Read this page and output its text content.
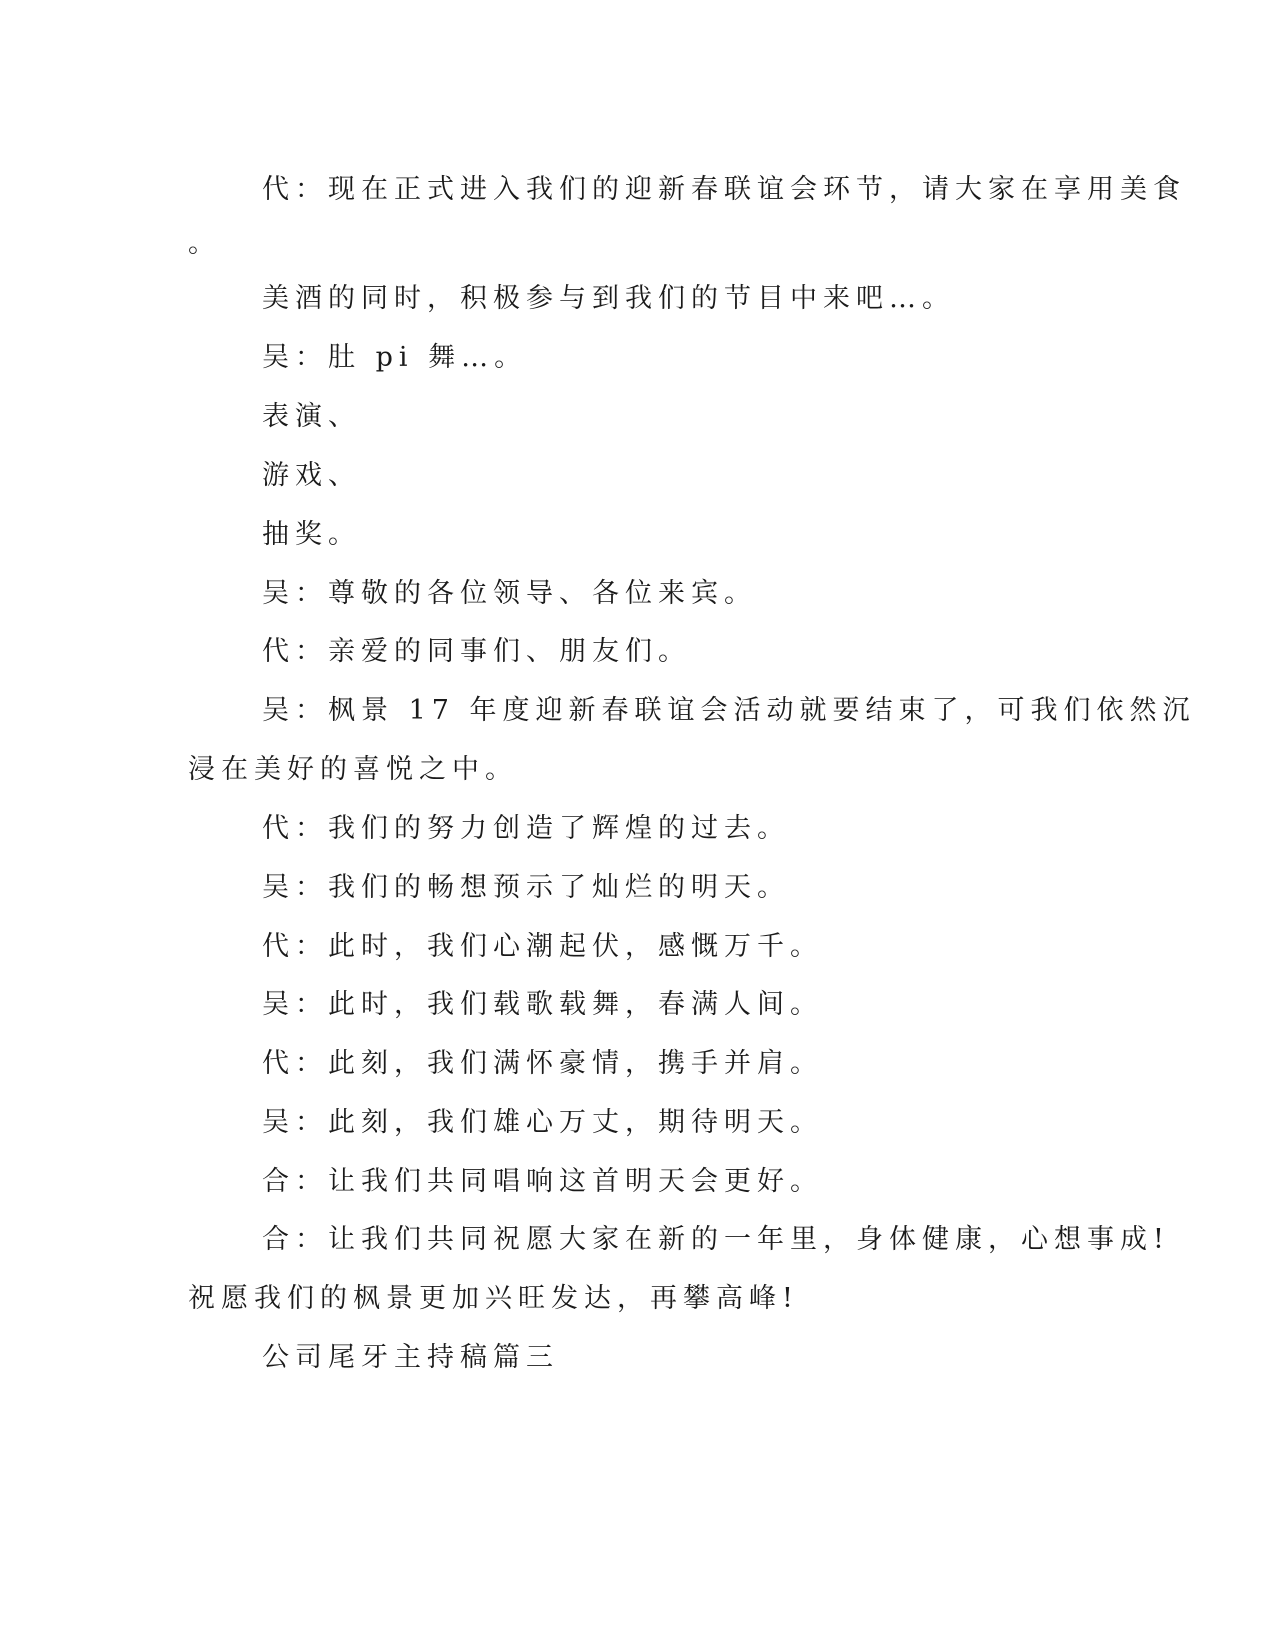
代：现在正式进入我们的迎新春联谊会环节，请大家在享用美食
。
美酒的同时，积极参与到我们的节目中来吧…。
吴：肚 pi 舞…。
表演、
游戏、
抽奖。
吴：尊敬的各位领导、各位来宾。
代：亲爱的同事们、朋友们。
吴：枫景 17 年度迎新春联谊会活动就要结束了，可我们依然沉
浸在美好的喜悦之中。
代：我们的努力创造了辉煌的过去。
吴：我们的畅想预示了灿烂的明天。
代：此时，我们心潮起伏，感慨万千。
吴：此时，我们载歌载舞，春满人间。
代：此刻，我们满怀豪情，携手并肩。
吴：此刻，我们雄心万丈，期待明天。
合：让我们共同唱响这首明天会更好。
合：让我们共同祝愿大家在新的一年里，身体健康，心想事成!
祝愿我们的枫景更加兴旺发达，再攀高峰!
公司尾牙主持稿篇三
